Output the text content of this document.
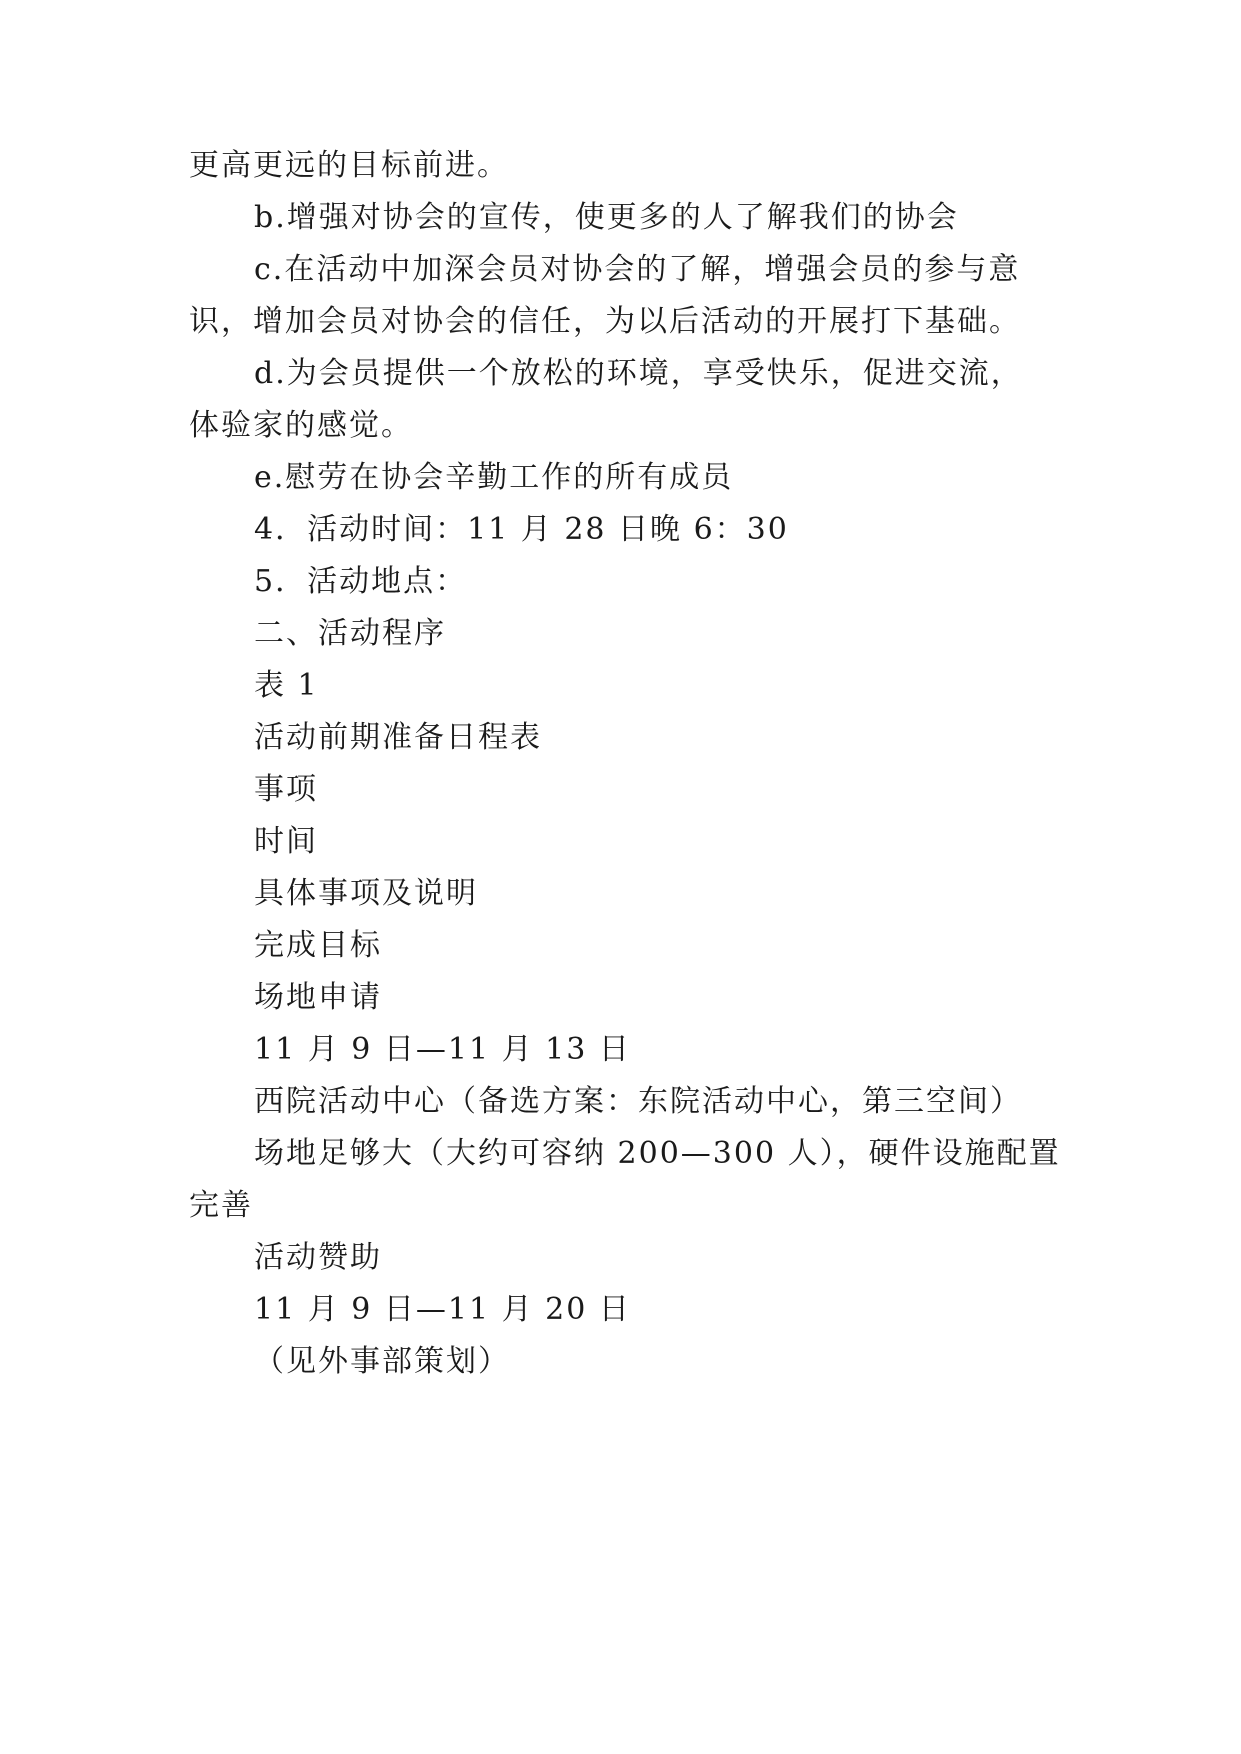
更高更远的目标前进。
b.增强对协会的宣传，使更多的人了解我们的协会
c.在活动中加深会员对协会的了解，增强会员的参与意
识，增加会员对协会的信任，为以后活动的开展打下基础。
d.为会员提供一个放松的环境，享受快乐，促进交流，
体验家的感觉。
e.慰劳在协会辛勤工作的所有成员
4．活动时间：11 月 28 日晚 6：30
5．活动地点：
二、活动程序
表 1
活动前期准备日程表
事项
时间
具体事项及说明
完成目标
场地申请
11 月 9 日—11 月 13 日
西院活动中心（备选方案：东院活动中心，第三空间）
场地足够大（大约可容纳 200—300 人），硬件设施配置
完善
活动赞助
11 月 9 日—11 月 20 日
（见外事部策划）
